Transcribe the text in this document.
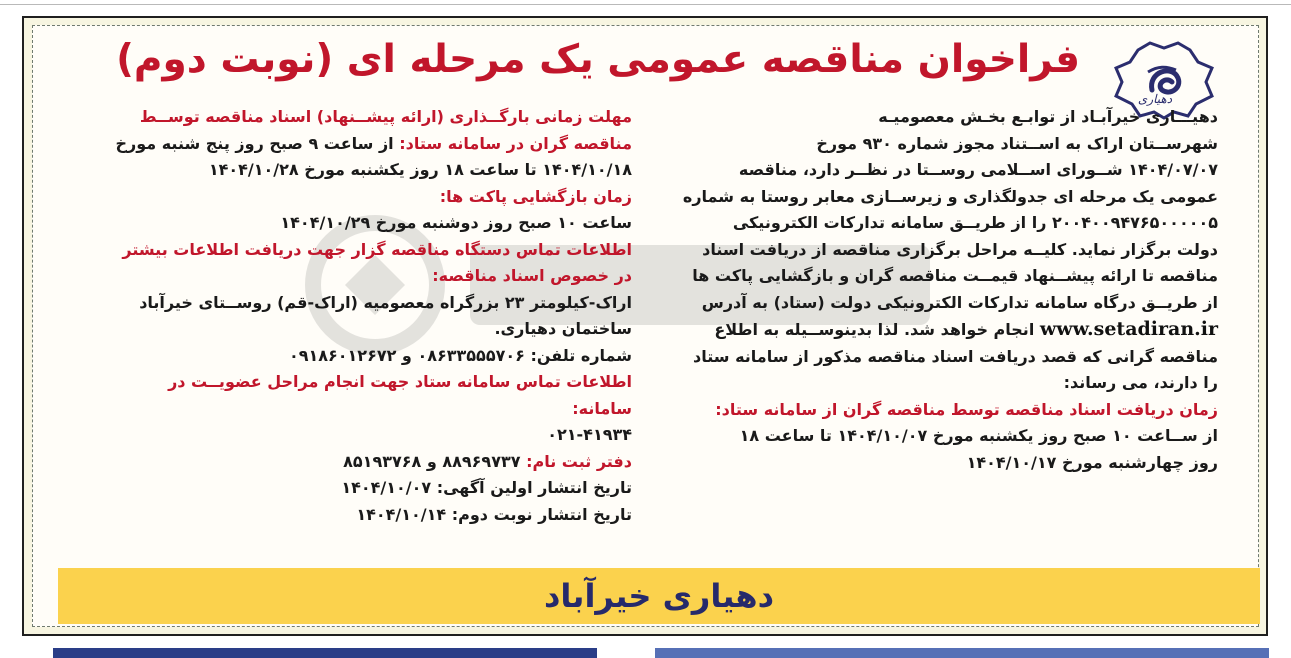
دهیاری
فراخوان مناقصه عمومی یک مرحله ای (نوبت دوم)

دهیـــاری خیرآبـاد از توابـع بخـش معصومیـه

شهرســتان اراک به اســتناد مجوز شماره ۹۳۰ مورخ

۱۴۰۴/۰۷/۰۷ شــورای اســلامی روســتا در نظــر دارد، مناقصه

عمومی یک مرحله ای جدولگذاری و زیرســازی معابر روستا به شماره

۲۰۰۴۰۰۹۴۷۶۵۰۰۰۰۰۵ را از طریــق سامانه تدارکات الکترونیکی

دولت برگزار نماید. کلیــه مراحل برگزاری مناقصه از دریافت اسناد

مناقصه تا ارائه پیشــنهاد قیمــت مناقصه گران و بازگشایی پاکت ها

از طریــق درگاه سامانه تدارکات الکترونیکی دولت (ستاد) به آدرس

www.setadiran.ir انجام خواهد شد. لذا بدینوســیله به اطلاع

مناقصه گرانی که قصد دریافت اسناد مناقصه مذکور از سامانه ستاد

را دارند، می رساند:

زمان دریافت اسناد مناقصه توسط مناقصه گران از سامانه ستاد:

از ســاعت ۱۰ صبح روز یکشنبه مورخ ۱۴۰۴/۱۰/۰۷ تا ساعت ۱۸

روز چهارشنبه مورخ ۱۴۰۴/۱۰/۱۷

مهلت زمانی بارگــذاری (ارائه پیشــنهاد) اسناد مناقصه توســط

مناقصه گران در سامانه ستاد: از ساعت ۹ صبح روز پنج شنبه مورخ

۱۴۰۴/۱۰/۱۸ تا ساعت ۱۸ روز یکشنبه مورخ ۱۴۰۴/۱۰/۲۸

زمان بازگشایی پاکت ها:

ساعت ۱۰ صبح روز دوشنبه مورخ ۱۴۰۴/۱۰/۲۹

اطلاعات تماس دستگاه مناقصه گزار جهت دریافت اطلاعات بیشتر

در خصوص اسناد مناقصه:

اراک-کیلومتر ۲۳ بزرگراه معصومیه (اراک-قم) روســتای خیرآباد

ساختمان دهیاری.

شماره تلفن: ۰۸۶۳۳۵۵۵۷۰۶ و ۰۹۱۸۶۰۱۲۶۷۲

اطلاعات تماس سامانه ستاد جهت انجام مراحل عضویــت در

سامانه:

۰۲۱-۴۱۹۳۴

دفتر ثبت نام: ۸۸۹۶۹۷۳۷ و ۸۵۱۹۳۷۶۸

تاریخ انتشار اولین آگهی: ۱۴۰۴/۱۰/۰۷

تاریخ انتشار نوبت دوم: ۱۴۰۴/۱۰/۱۴

دهیاری خیرآباد
